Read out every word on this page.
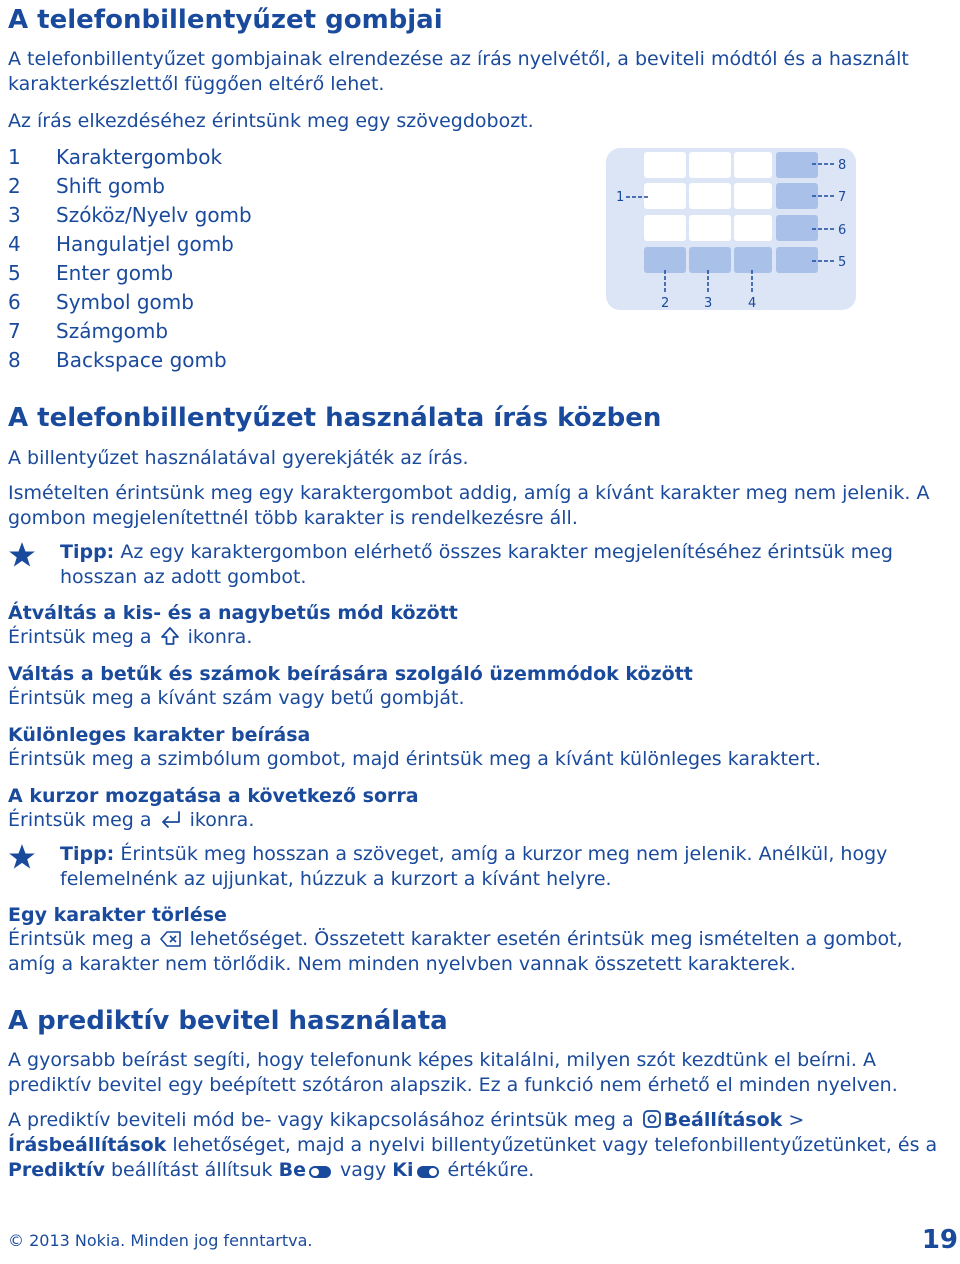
A telefonbillentyűzet gombjai

A telefonbillentyűzet gombjainak elrendezése az írás nyelvétől, a beviteli módtól és a használt karakterkészlettől függően eltérő lehet.

Az írás elkezdéséhez érintsünk meg egy szövegdobozt.

1	Karaktergombok
2	Shift gomb
3	Szóköz/Nyelv gomb
4	Hangulatjel gomb
5	Enter gomb
6	Symbol gomb
7	Számgomb
8	Backspace gomb
1
8
7
6
5
2	3	4
A telefonbillentyűzet használata írás közben

A billentyűzet használatával gyerekjáték az írás.

Ismételten érintsünk meg egy karaktergombot addig, amíg a kívánt karakter meg nem jelenik. A gombon megjelenítettnél több karakter is rendelkezésre áll.

Tipp: Az egy karaktergombon elérhető összes karakter megjelenítéséhez érintsük meg hosszan az adott gombot.

Átváltás a kis- és a nagybetűs mód között

Érintsük meg a  ikonra.

Váltás a betűk és számok beírására szolgáló üzemmódok között

Érintsük meg a kívánt szám vagy betű gombját.

Különleges karakter beírása

Érintsük meg a szimbólum gombot, majd érintsük meg a kívánt különleges karaktert.

A kurzor mozgatása a következő sorra

Érintsük meg a  ikonra.

Tipp: Érintsük meg hosszan a szöveget, amíg a kurzor meg nem jelenik. Anélkül, hogy felemelnénk az ujjunkat, húzzuk a kurzort a kívánt helyre.

Egy karakter törlése

Érintsük meg a  lehetőséget. Összetett karakter esetén érintsük meg ismételten a gombot, amíg a karakter nem törlődik. Nem minden nyelvben vannak összetett karakterek.

A prediktív bevitel használata

A gyorsabb beírást segíti, hogy telefonunk képes kitalálni, milyen szót kezdtünk el beírni. A prediktív bevitel egy beépített szótáron alapszik. Ez a funkció nem érhető el minden nyelven.

A prediktív beviteli mód be- vagy kikapcsolásához érintsük meg a Beállítások > Írásbeállítások lehetőséget, majd a nyelvi billentyűzetünket vagy telefonbillentyűzetünket, és a Prediktív beállítást állítsuk Be vagy Ki értékűre.

© 2013 Nokia. Minden jog fenntartva.	19
